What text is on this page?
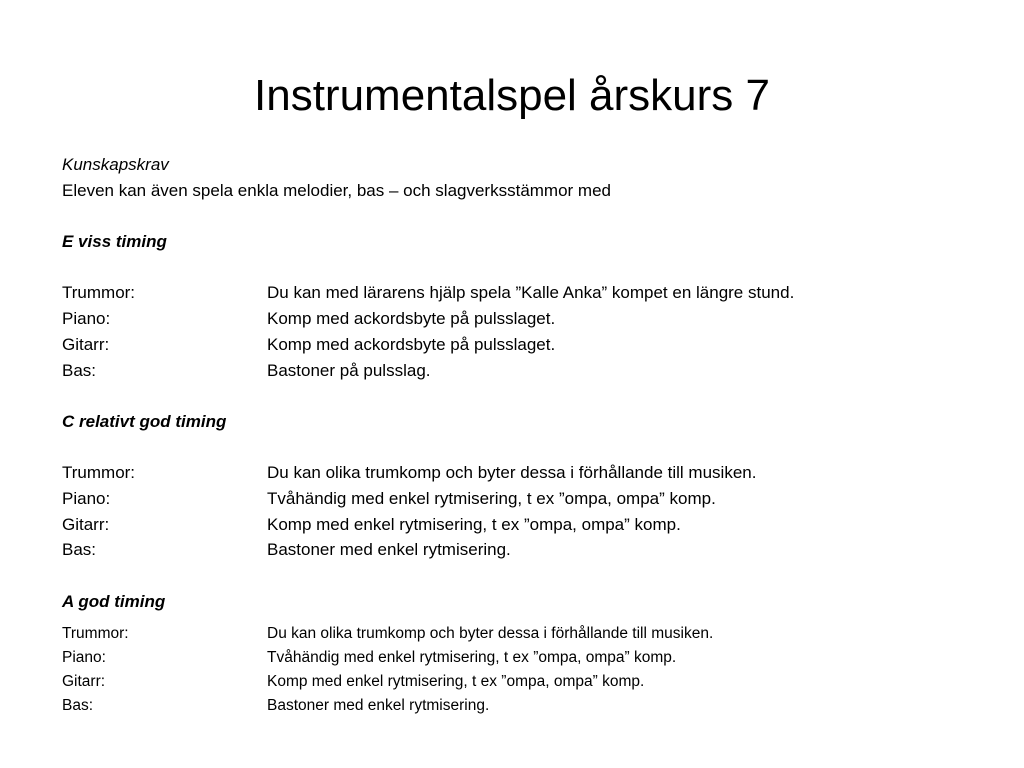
Instrumentalspel årskurs 7
Kunskapskrav
Eleven kan även spela enkla melodier, bas – och slagverksstämmor med
E viss timing
Trummor:	Du kan med lärarens hjälp spela ”Kalle Anka” kompet en längre stund.
Piano:	Komp med ackordsbyte på pulsslaget.
Gitarr:	Komp med ackordsbyte på pulsslaget.
Bas:	Bastoner på pulsslag.
C relativt god timing
Trummor:	Du kan olika trumkomp och byter dessa i förhållande till musiken.
Piano:	Tvåhändig med enkel rytmisering, t ex ”ompa, ompa” komp.
Gitarr:	Komp med enkel rytmisering, t ex ”ompa, ompa” komp.
Bas:	Bastoner med enkel rytmisering.
A god timing
Trummor:	Du kan olika trumkomp och byter dessa i förhållande till musiken.
Piano:	Tvåhändig med enkel rytmisering, t ex ”ompa, ompa” komp.
Gitarr:	Komp med enkel rytmisering, t ex ”ompa, ompa” komp.
Bas:	Bastoner med enkel rytmisering.
